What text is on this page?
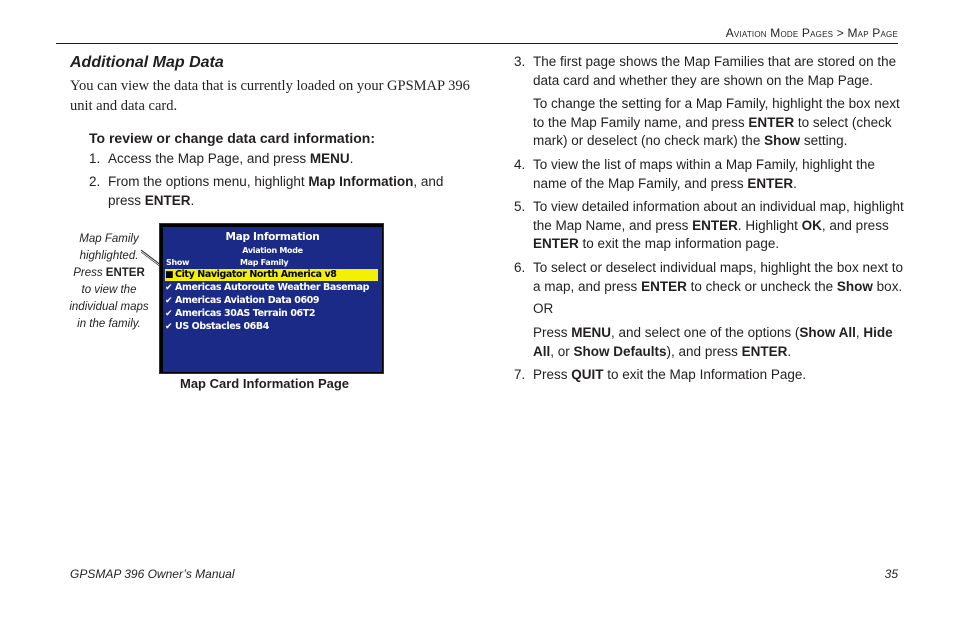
Aviation Mode Pages > Map Page
Additional Map Data
You can view the data that is currently loaded on your GPSMAP 396 unit and data card.
To review or change data card information:
1. Access the Map Page, and press MENU.
2. From the options menu, highlight Map Information, and
press ENTER.
Map Family
highlighted.
Press ENTER
to view the
individual maps
in the family.
Map Information
Aviation Mode
Show	Map Family
■ City Navigator North America v8
✔ Americas Autoroute Weather Basemap
✔ Americas Aviation Data 0609
✔ Americas 30AS Terrain 06T2
✔ US Obstacles 06B4
Map Card Information Page
3. The first page shows the Map Families that are stored on the
data card and whether they are shown on the Map Page.
To change the setting for a Map Family, highlight the box next
to the Map Family name, and press ENTER to select (check
mark) or deselect (no check mark) the Show setting.
4. To view the list of maps within a Map Family, highlight the
name of the Map Family, and press ENTER.
5. To view detailed information about an individual map, highlight
the Map Name, and press ENTER. Highlight OK, and press
ENTER to exit the map information page.
6. To select or deselect individual maps, highlight the box next to
a map, and press ENTER to check or uncheck the Show box.
OR
Press MENU, and select one of the options (Show All, Hide
All, or Show Defaults), and press ENTER.
7. Press QUIT to exit the Map Information Page.
GPSMAP 396 Owner’s Manual	35
